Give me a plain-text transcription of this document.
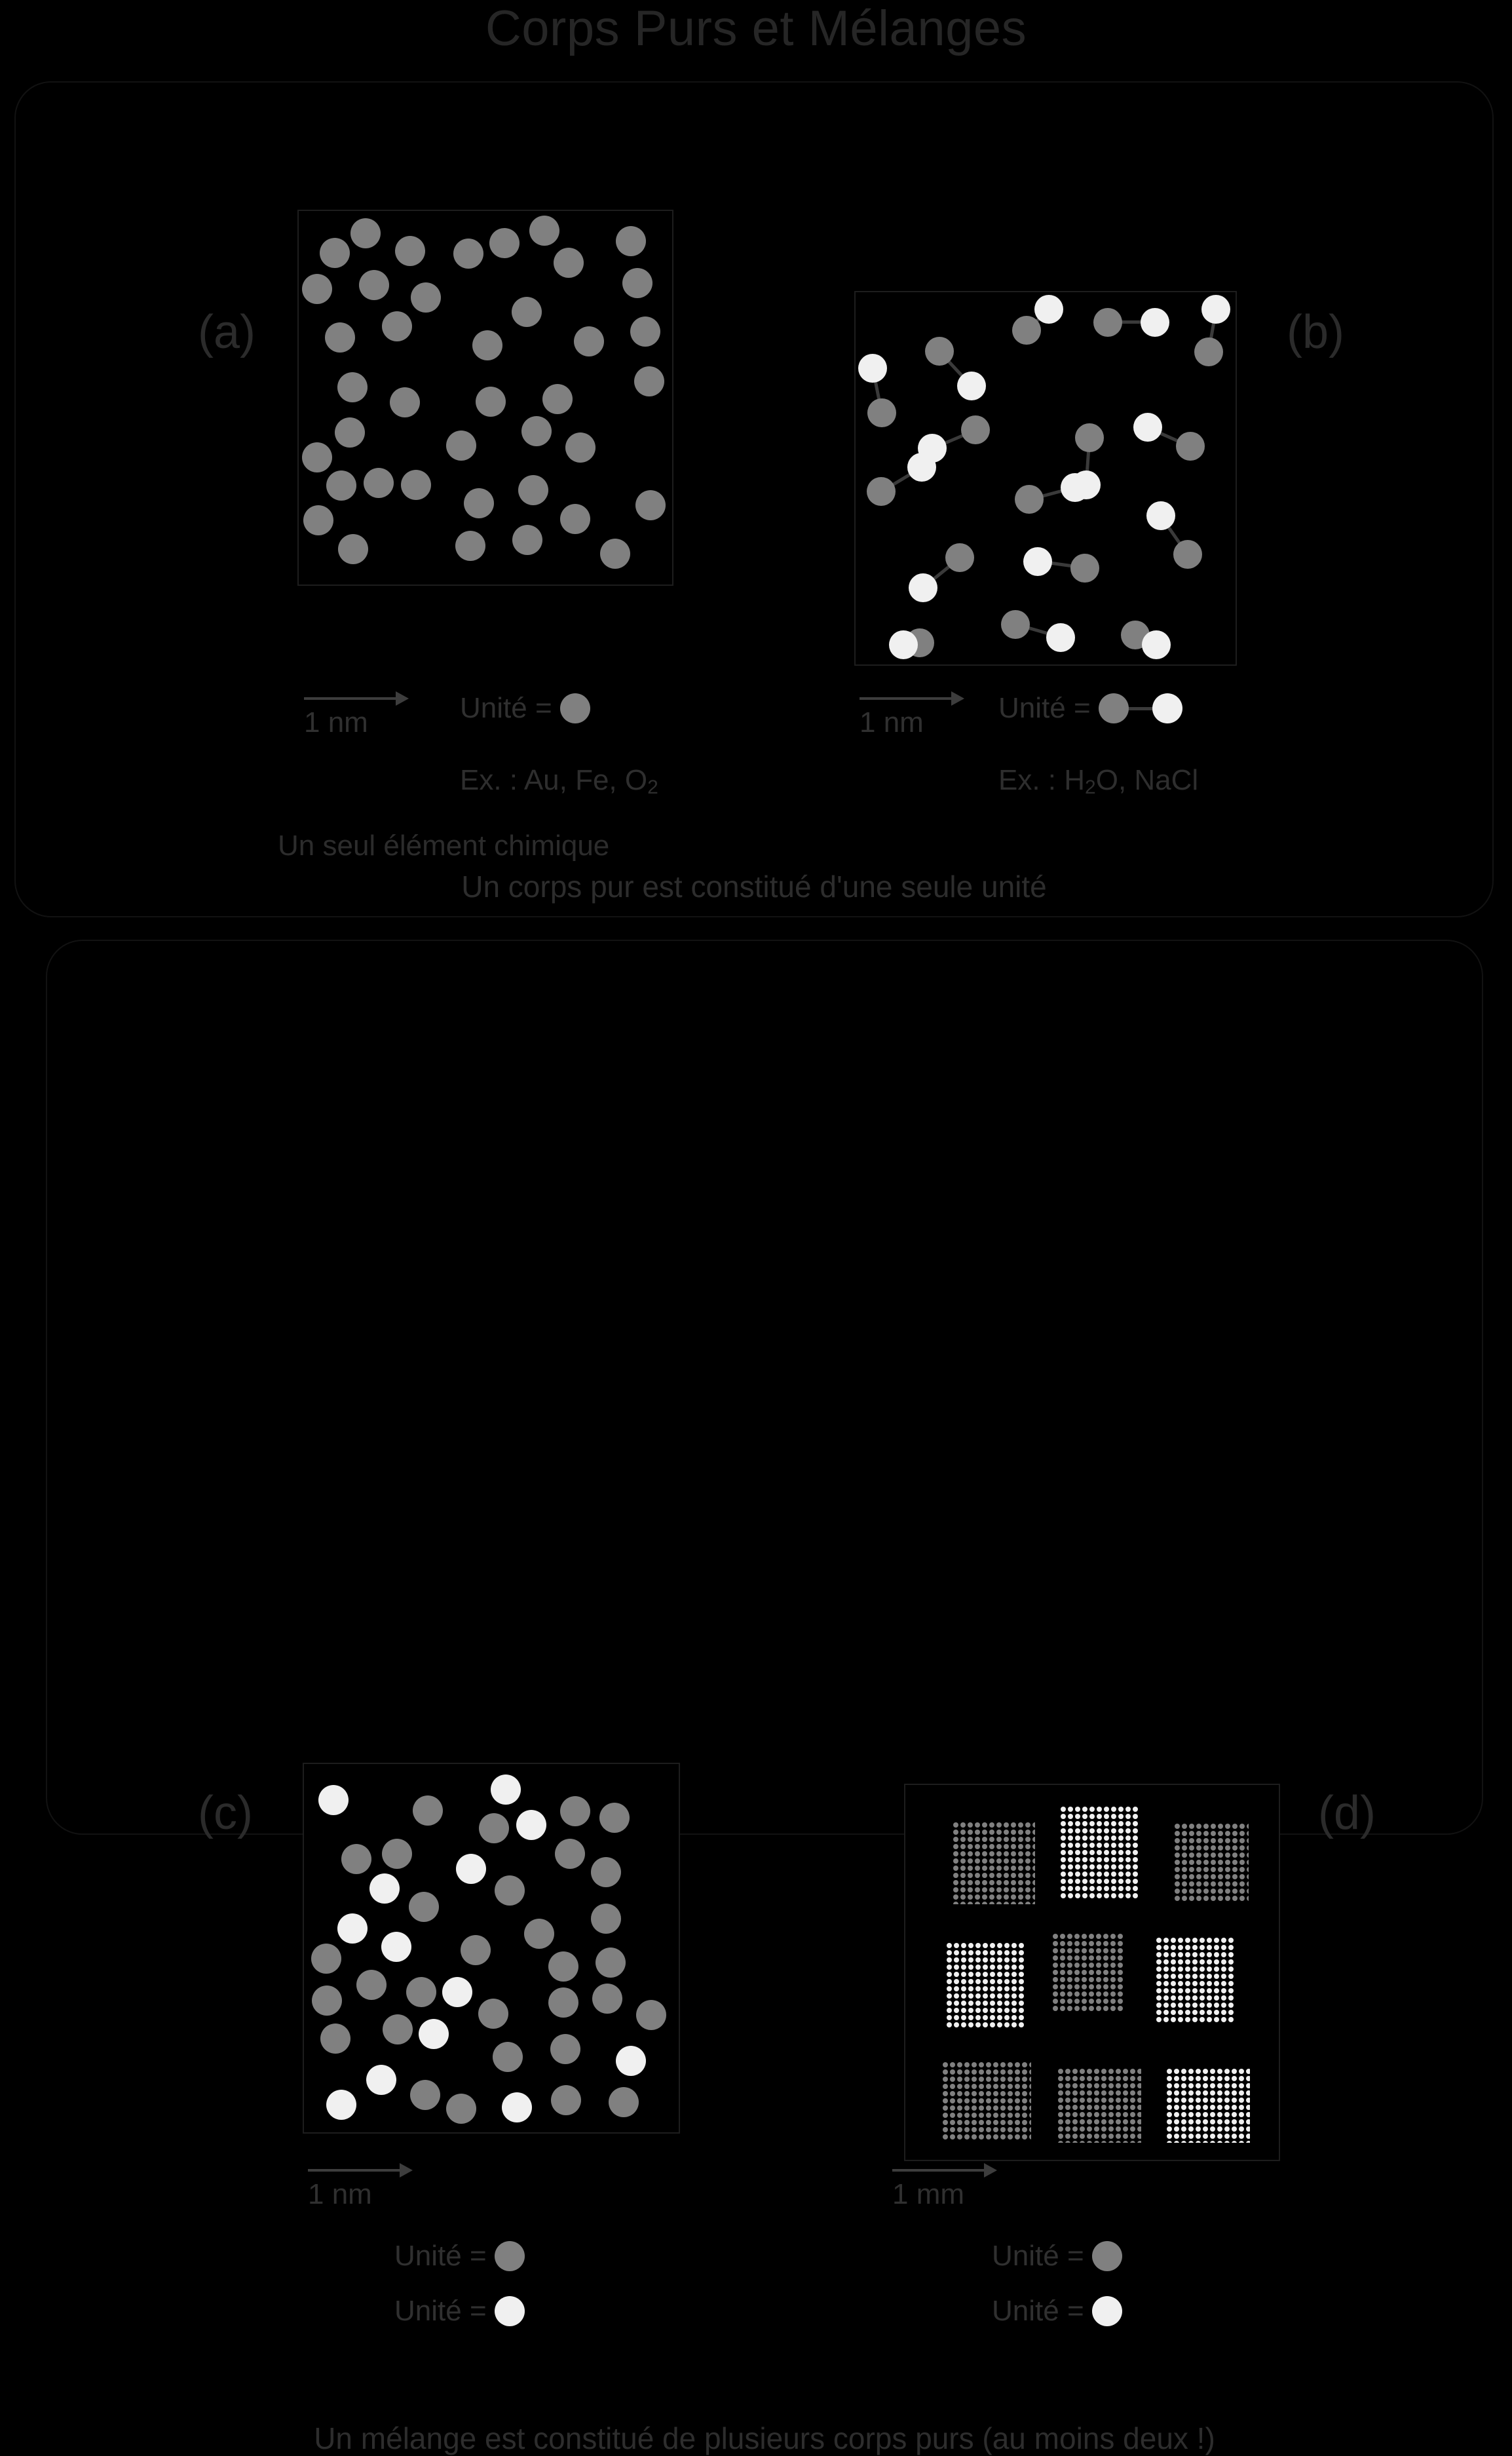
Corps Purs et Mélanges
(a)
1 nm	Unité =
Ex. : Au, Fe, $O_2$
Un seul élément chimique
(b)
1 nm	Unité =
Ex. : $H_2O$, NaCl
Un corps pur est constitué d'une seule unité
(c)
1 nm
Unité =
Unité =
(d)
1 mm
Unité =
Unité =
Un mélange est constitué de plusieurs corps purs (au moins deux !)
